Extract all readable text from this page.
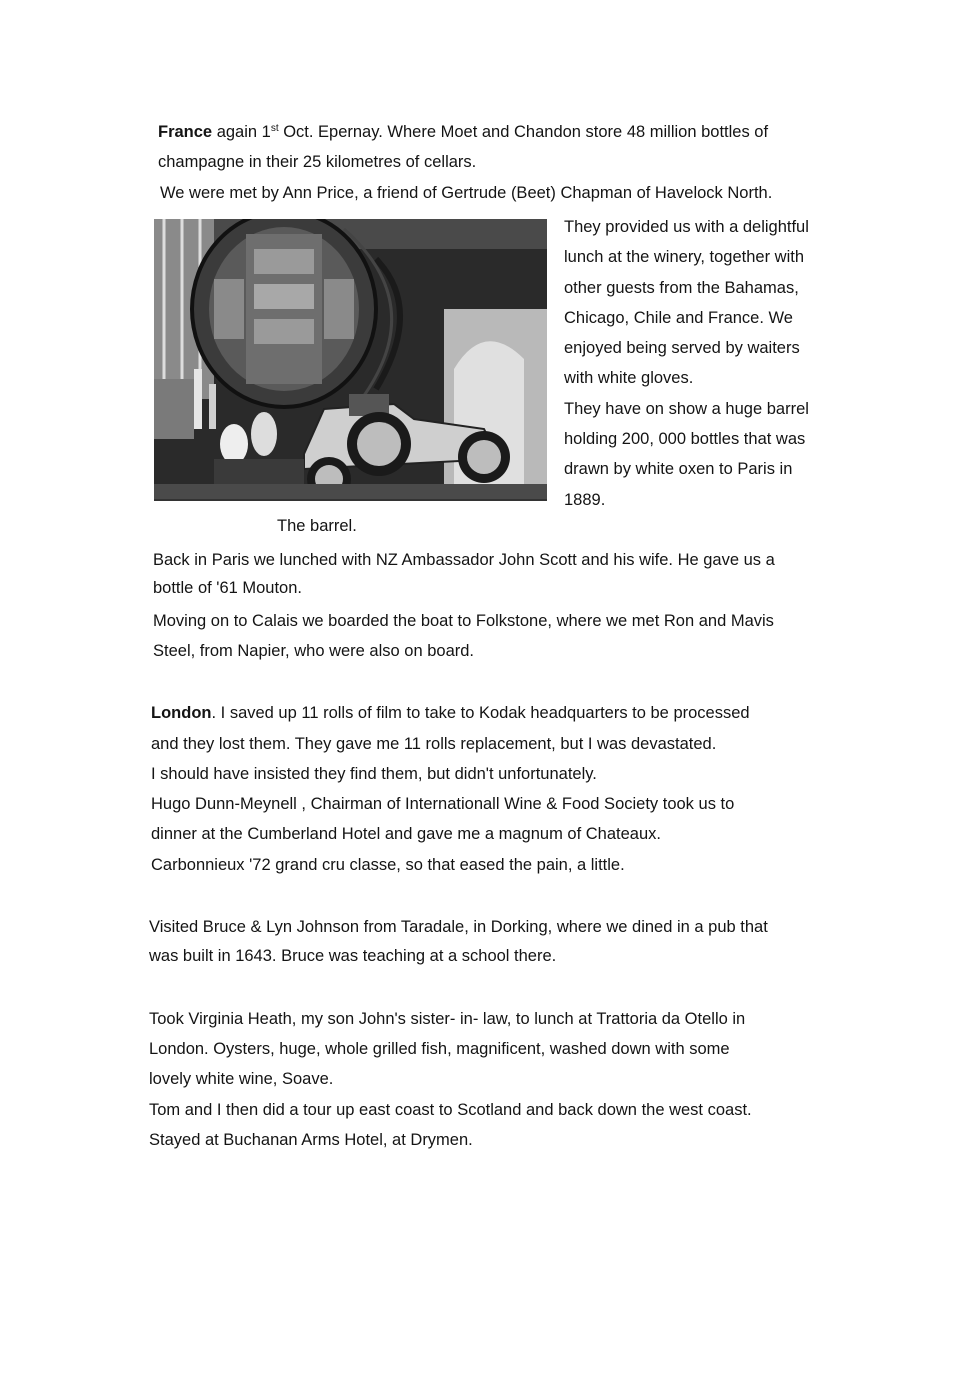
France again 1st Oct. Epernay. Where Moet and Chandon store 48 million bottles of

champagne in their 25 kilometres of cellars.

We were met by Ann Price, a friend of Gertrude (Beet) Chapman of Havelock North.

They provided us with a delightful
lunch at the winery, together with
other guests from the Bahamas,
Chicago, Chile and France. We
enjoyed being served by waiters
with white gloves.
They have on show a huge barrel
holding 200, 000 bottles that was
drawn by white oxen to Paris in
1889.
The barrel.

Back in Paris we lunched with NZ Ambassador John Scott and his wife. He gave us a

bottle of '61 Mouton.

Moving on to Calais we boarded the boat to Folkstone, where we met Ron and Mavis

Steel, from Napier, who were also on board.

London. I saved up 11 rolls of film to take to Kodak headquarters to be processed

and they lost them. They gave me 11 rolls replacement, but I was devastated.

I should have insisted they find them, but didn't unfortunately.

Hugo Dunn-Meynell , Chairman of Internationall Wine & Food Society took us to

dinner at the Cumberland Hotel and gave me a magnum of Chateaux.

Carbonnieux '72 grand cru classe, so that eased the pain, a little.

Visited Bruce & Lyn Johnson from Taradale, in Dorking, where we dined in a pub that

was built in 1643. Bruce was teaching at a school there.

Took Virginia Heath, my son John's sister- in- law, to lunch at Trattoria da Otello in

London. Oysters, huge, whole grilled fish, magnificent, washed down with some

lovely white wine, Soave.

Tom and I then did a tour up east coast to Scotland and back down the west coast.

Stayed at Buchanan Arms Hotel, at Drymen.
